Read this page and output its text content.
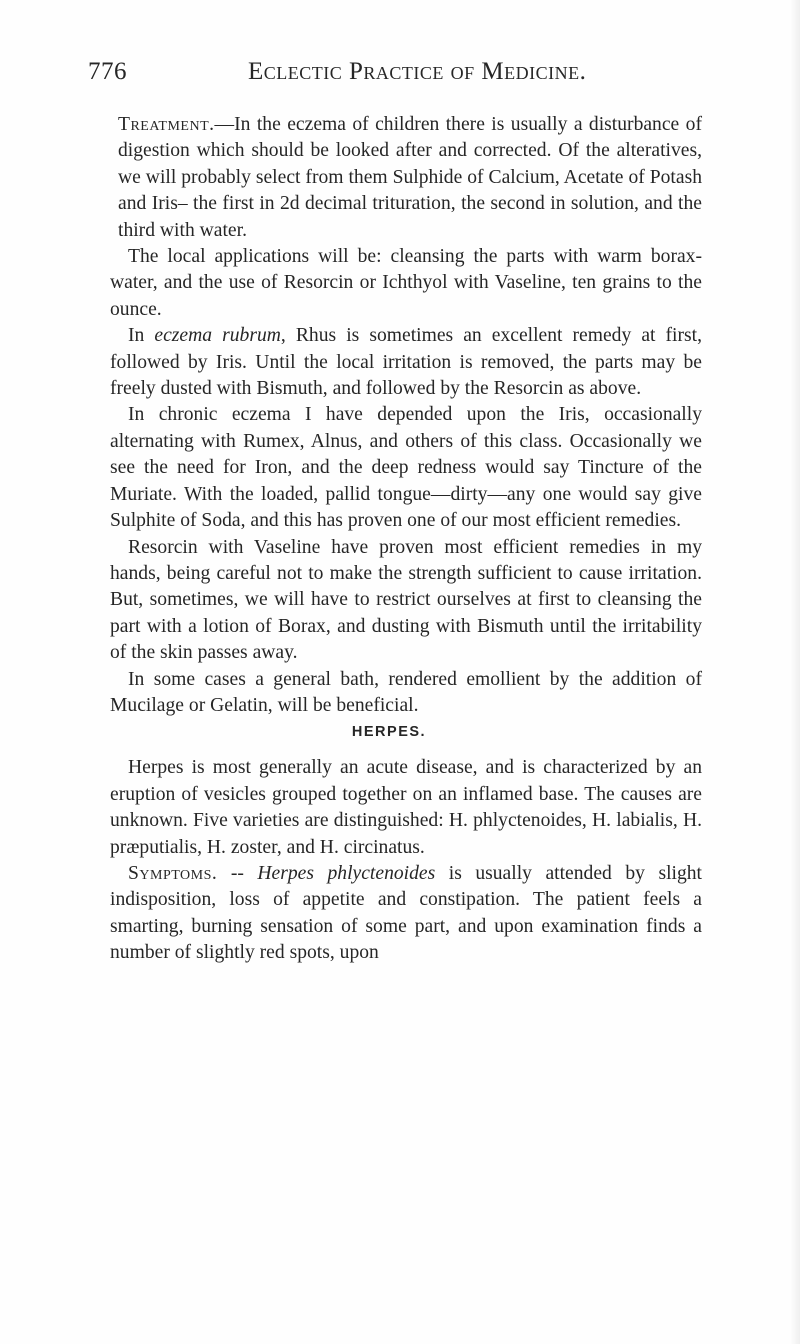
776	Eclectic Practice of Medicine.

Treatment.—In the eczema of children there is usually a disturbance of digestion which should be looked after and corrected. Of the alteratives, we will probably select from them Sulphide of Calcium, Acetate of Potash and Iris– the first in 2d decimal trituration, the second in solution, and the third with water.

The local applications will be: cleansing the parts with warm borax-water, and the use of Resorcin or Ichthyol with Vaseline, ten grains to the ounce.

In eczema rubrum, Rhus is sometimes an excellent remedy at first, followed by Iris. Until the local irritation is removed, the parts may be freely dusted with Bismuth, and followed by the Resorcin as above.

In chronic eczema I have depended upon the Iris, occasionally alternating with Rumex, Alnus, and others of this class. Occasionally we see the need for Iron, and the deep redness would say Tincture of the Muriate. With the loaded, pallid tongue—dirty—any one would say give Sulphite of Soda, and this has proven one of our most efficient remedies.

Resorcin with Vaseline have proven most efficient remedies in my hands, being careful not to make the strength sufficient to cause irritation. But, sometimes, we will have to restrict ourselves at first to cleansing the part with a lotion of Borax, and dusting with Bismuth until the irritability of the skin passes away.

In some cases a general bath, rendered emollient by the addition of Mucilage or Gelatin, will be beneficial.

HERPES.

Herpes is most generally an acute disease, and is characterized by an eruption of vesicles grouped together on an inflamed base. The causes are unknown. Five varieties are distinguished: H. phlyctenoides, H. labialis, H. præputialis, H. zoster, and H. circinatus.

Symptoms. -- Herpes phlyctenoides is usually attended by slight indisposition, loss of appetite and constipation. The patient feels a smarting, burning sensation of some part, and upon examination finds a number of slightly red spots, upon
